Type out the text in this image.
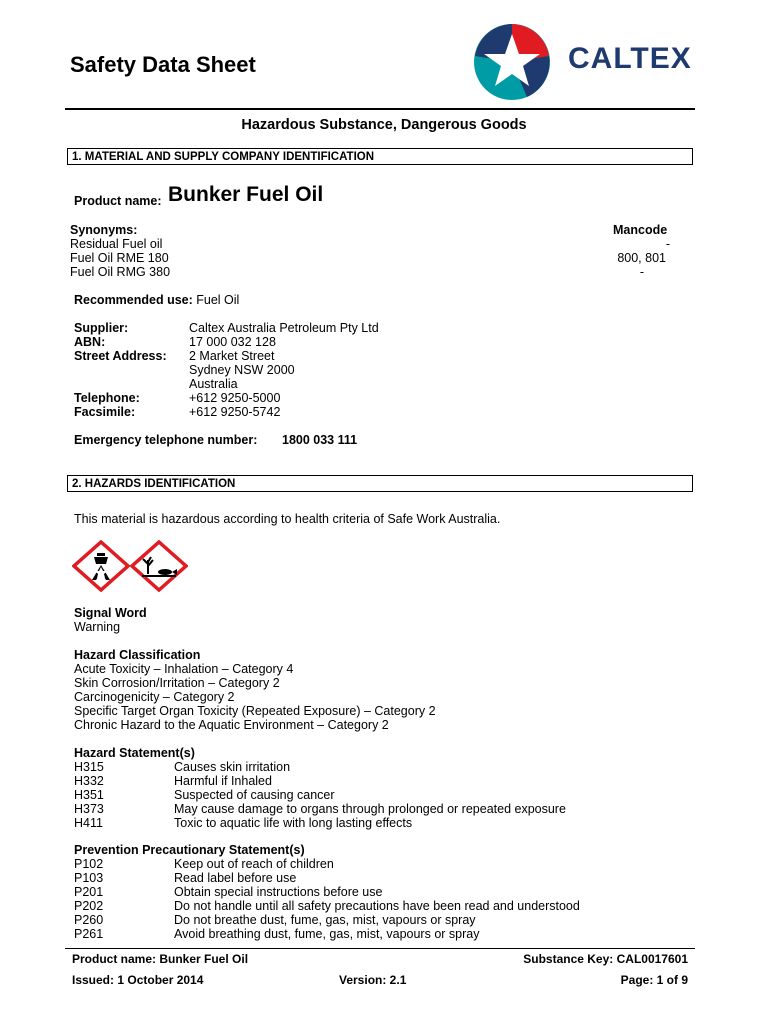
Safety Data Sheet	CALTEX
Hazardous Substance, Dangerous Goods
1. MATERIAL AND SUPPLY COMPANY IDENTIFICATION
Product name: Bunker Fuel Oil
Synonyms:	Mancode
Residual Fuel oil	-
Fuel Oil RME 180	800, 801
Fuel Oil RMG 380	-
Recommended use: Fuel Oil
Supplier:	Caltex Australia Petroleum Pty Ltd
ABN:	17 000 032 128
Street Address: 2 Market Street
Sydney NSW 2000
Australia
Telephone:	+612 9250-5000
Facsimile:	+612 9250-5742
Emergency telephone number: 1800 033 111
2. HAZARDS IDENTIFICATION
This material is hazardous according to health criteria of Safe Work Australia.
Signal Word
Warning
Hazard Classification
Acute Toxicity – Inhalation – Category 4
Skin Corrosion/Irritation – Category 2
Carcinogenicity – Category 2
Specific Target Organ Toxicity (Repeated Exposure) – Category 2
Chronic Hazard to the Aquatic Environment – Category 2
Hazard Statement(s)
H315	Causes skin irritation
H332	Harmful if Inhaled
H351	Suspected of causing cancer
H373	May cause damage to organs through prolonged or repeated exposure
H411	Toxic to aquatic life with long lasting effects
Prevention Precautionary Statement(s)
P102	Keep out of reach of children
P103	Read label before use
P201	Obtain special instructions before use
P202	Do not handle until all safety precautions have been read and understood
P260	Do not breathe dust, fume, gas, mist, vapours or spray
P261	Avoid breathing dust, fume, gas, mist, vapours or spray
Product name: Bunker Fuel Oil	Substance Key: CAL0017601
Issued: 1 October 2014	Version: 2.1	Page: 1 of 9
